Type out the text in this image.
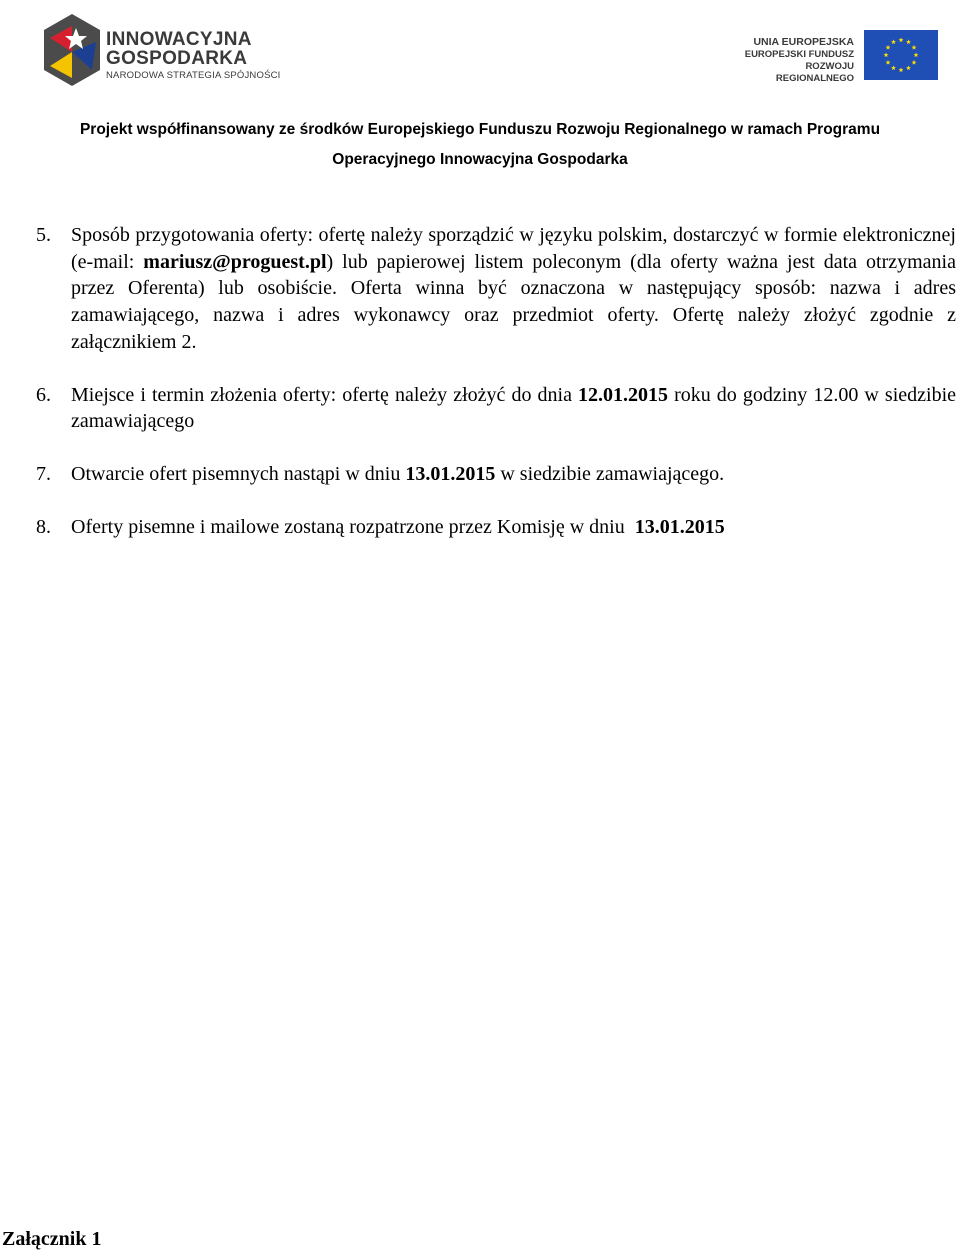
INNOWACYJNA
GOSPODARKA
NARODOWA STRATEGIA SPÓJNOŚCI
UNIA EUROPEJSKA
EUROPEJSKI FUNDUSZ
ROZWOJU REGIONALNEGO
Projekt współfinansowany ze środków Europejskiego Funduszu Rozwoju Regionalnego w ramach Programu
Operacyjnego Innowacyjna Gospodarka
5. Sposób przygotowania oferty: ofertę należy sporządzić w języku polskim, dostarczyć w formie elektronicznej (e-mail: mariusz@proguest.pl) lub papierowej listem poleconym (dla oferty ważna jest data otrzymania przez Oferenta) lub osobiście. Oferta winna być oznaczona w następujący sposób: nazwa i adres zamawiającego, nazwa i adres wykonawcy oraz przedmiot oferty. Ofertę należy złożyć zgodnie z załącznikiem 2.

6. Miejsce i termin złożenia oferty: ofertę należy złożyć do dnia 12.01.2015 roku do godziny 12.00 w siedzibie zamawiającego

7. Otwarcie ofert pisemnych nastąpi w dniu 13.01.2015 w siedzibie zamawiającego.

8. Oferty pisemne i mailowe zostaną rozpatrzone przez Komisję w dniu  13.01.2015

Załącznik 1
